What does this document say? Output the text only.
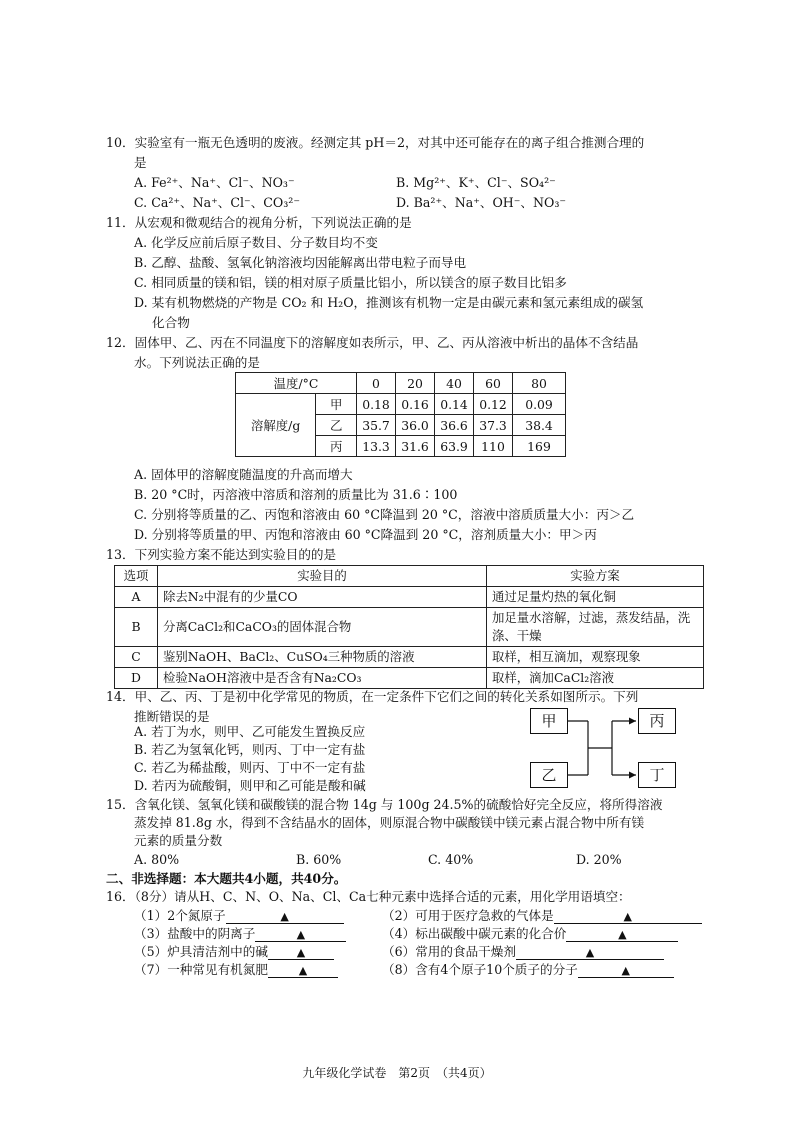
10．实验室有一瓶无色透明的废液。经测定其 pH＝2，对其中还可能存在的离子组合推测合理的
是
A. Fe²⁺、Na⁺、Cl⁻、NO₃⁻	B. Mg²⁺、K⁺、Cl⁻、SO₄²⁻
C. Ca²⁺、Na⁺、Cl⁻、CO₃²⁻	D. Ba²⁺、Na⁺、OH⁻、NO₃⁻
11．从宏观和微观结合的视角分析，下列说法正确的是
A. 化学反应前后原子数目、分子数目均不变
B. 乙醇、盐酸、氢氧化钠溶液均因能解离出带电粒子而导电
C. 相同质量的镁和铝，镁的相对原子质量比铝小，所以镁含的原子数目比铝多
D. 某有机物燃烧的产物是 CO₂ 和 H₂O，推测该有机物一定是由碳元素和氢元素组成的碳氢
化合物
12．固体甲、乙、丙在不同温度下的溶解度如表所示，甲、乙、丙从溶液中析出的晶体不含结晶
水。下列说法正确的是
温度/°C		0	20	40	60	80
溶解度/g	甲	0.18	0.16	0.14	0.12	0.09
	乙	35.7	36.0	36.6	37.3	38.4
	丙	13.3	31.6	63.9	110	169
A. 固体甲的溶解度随温度的升高而增大
B. 20 °C时，丙溶液中溶质和溶剂的质量比为 31.6∶100
C. 分别将等质量的乙、丙饱和溶液由 60 °C降温到 20 °C，溶液中溶质质量大小：丙＞乙
D. 分别将等质量的甲、丙饱和溶液由 60 °C降温到 20 °C，溶剂质量大小：甲＞丙
13．下列实验方案不能达到实验目的的是
选项	实验目的	实验方案
A	除去N₂中混有的少量CO	通过足量灼热的氧化铜
B	分离CaCl₂和CaCO₃的固体混合物	加足量水溶解，过滤，蒸发结晶，洗涤、干燥
C	鉴别NaOH、BaCl₂、CuSO₄三种物质的溶液	取样，相互滴加，观察现象
D	检验NaOH溶液中是否含有Na₂CO₃	取样，滴加CaCl₂溶液
14．甲、乙、丙、丁是初中化学常见的物质，在一定条件下它们之间的转化关系如图所示。下列
推断错误的是
A. 若丁为水，则甲、乙可能发生置换反应
B. 若乙为氢氧化钙，则丙、丁中一定有盐
C. 若乙为稀盐酸，则丙、丁中不一定有盐
D. 若丙为硫酸铜，则甲和乙可能是酸和碱
甲
乙
丙
丁
15．含氧化镁、氢氧化镁和碳酸镁的混合物 14g 与 100g 24.5%的硫酸恰好完全反应，将所得溶液
蒸发掉 81.8g 水，得到不含结晶水的固体，则原混合物中碳酸镁中镁元素占混合物中所有镁
元素的质量分数
A. 80%	B. 60%	C. 40%	D. 20%
二、非选择题：本大题共4小题，共40分。
16．（8分）请从H、C、N、O、Na、Cl、Ca七种元素中选择合适的元素，用化学用语填空：
（1）2个氮原子	▲	（2）可用于医疗急救的气体是	▲
（3）盐酸中的阴离子	▲	（4）标出碳酸中碳元素的化合价	▲
（5）炉具清洁剂中的碱	▲	（6）常用的食品干燥剂	▲
（7）一种常见有机氮肥	▲	（8）含有4个原子10个质子的分子	▲
九年级化学试卷　第2页　（共4页）
